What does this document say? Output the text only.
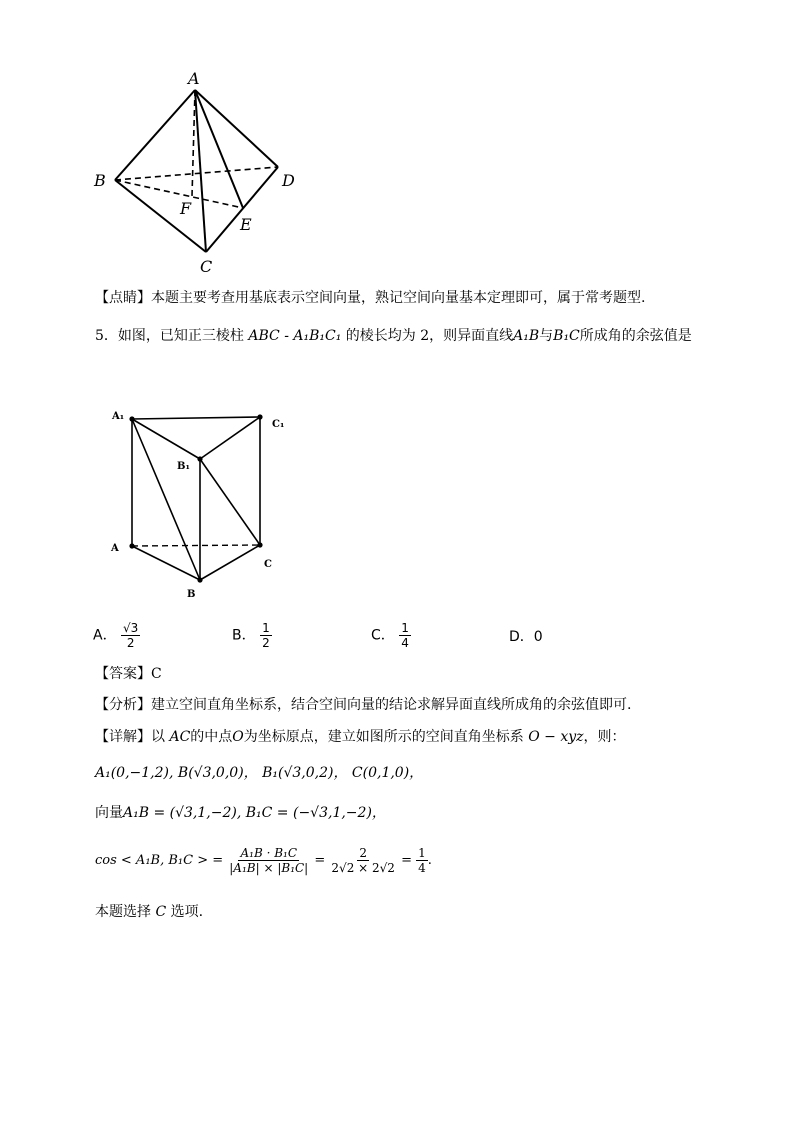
A
B	D
F
E
C
【点睛】本题主要考查用基底表示空间向量，熟记空间向量基本定理即可，属于常考题型.
5．如图，已知正三棱柱 ABC - A₁B₁C₁ 的棱长均为 2，则异面直线A₁B与B₁C所成角的余弦值是
A₁
C₁
B₁
A
C
B
A． $\frac{√3}{2}$	B． $\frac{1}{2}$	C． $\frac{1}{4}$	D．0
【答案】C
【分析】建立空间直角坐标系，结合空间向量的结论求解异面直线所成角的余弦值即可.
【详解】以 AC的中点O为坐标原点，建立如图所示的空间直角坐标系 O − xyz，则：
A₁(0,−1,2), B(√3,0,0)， B₁(√3,0,2)， C(0,1,0)，
向量A₁B = (√3,1,−2), B₁C = (−√3,1,−2)，
cos < A₁B, B₁C > = $\frac{\text{A₁B · B₁C}}{\text{|A₁B| × |B₁C|}} = \frac{2}{2√2 \times 2√2} = \frac{1}{4}$ .
本题选择 C 选项.
